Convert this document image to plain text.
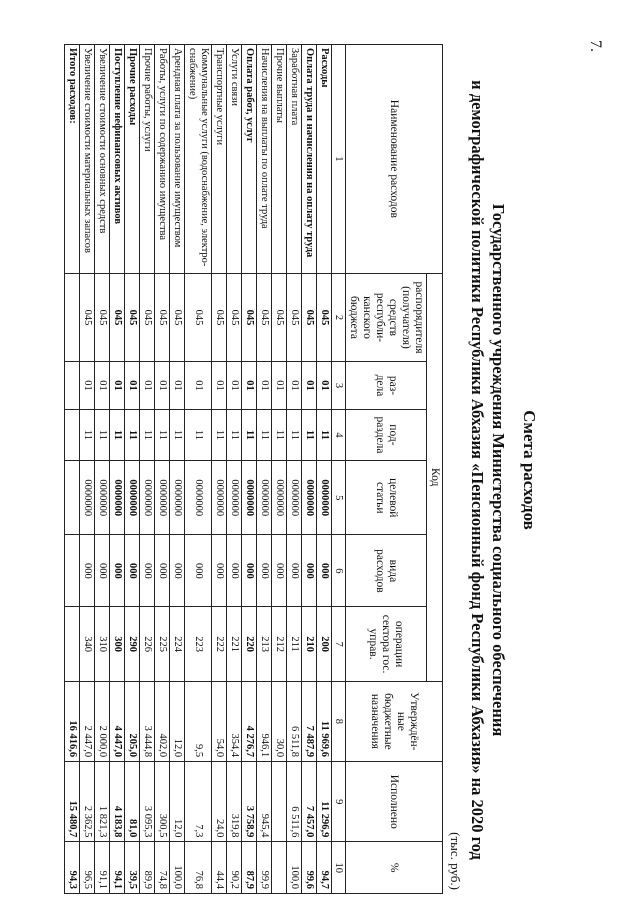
7.
Смета расходов
Государственного учреждения Министерства социального обеспечения
и демографической политики Республики Абхазия «Пенсионный фонд Республики Абхазия» на 2020 год
(тыс. руб.)
Наименование расходов	Код						Утверждён-ные бюджетные назначения	Исполнено	%
	распорядителя (получателя) средств республи-канского бюджета	раз-дела	под-раздела	целевой статьи	вида расходов	операции сектора гос. управ.			
1	2	3	4	5	6	7	8	9	10
Расходы	045	01	11	0000000	000	200	11 969,6	11 296,9	94,7
Оплата труда и начисления на оплату труда	045	01	11	0000000	000	210	7 487,9	7 457,0	99,6
Заработная плата	045	01	11	0000000	000	211	6 511,8	6 511,6	100,0
Прочие выплаты	045	01	11	0000000	000	212	30,0		
Начисления на выплаты по оплате труда	045	01	11	0000000	000	213	946,1	945,4	99,9
Оплата работ, услуг	045	01	11	0000000	000	220	4 276,7	3 758,9	87,9
Услуги связи	045	01	11	0000000	000	221	354,4	319,8	90,2
Транспортные услуги	045	01	11	0000000	000	222	54,0	24,0	44,4
Коммунальные услуги (водоснабжение, электро-снабжение)	045	01	11	0000000	000	223	9,5	7,3	76,8
Арендная плата за пользование имуществом	045	01	11	0000000	000	224	12,0	12,0	100,0
Работы, услуги по содержанию имущества	045	01	11	0000000	000	225	402,0	300,5	74,8
Прочие работы, услуги	045	01	11	0000000	000	226	3 444,8	3 095,3	89,9
Прочие расходы	045	01	11	0000000	000	290	205,0	81,0	39,5
Поступление нефинансовых активов	045	01	11	0000000	000	300	4 447,0	4 183,8	94,1
Увеличение стоимости основных средств	045	01	11	0000000	000	310	2 000,0	1 821,3	91,1
Увеличение стоимости материальных запасов	045	01	11	0000000	000	340	2 447,0	2 362,5	96,5
Итого расходов:							16 416,6	15 480,7	94,3
